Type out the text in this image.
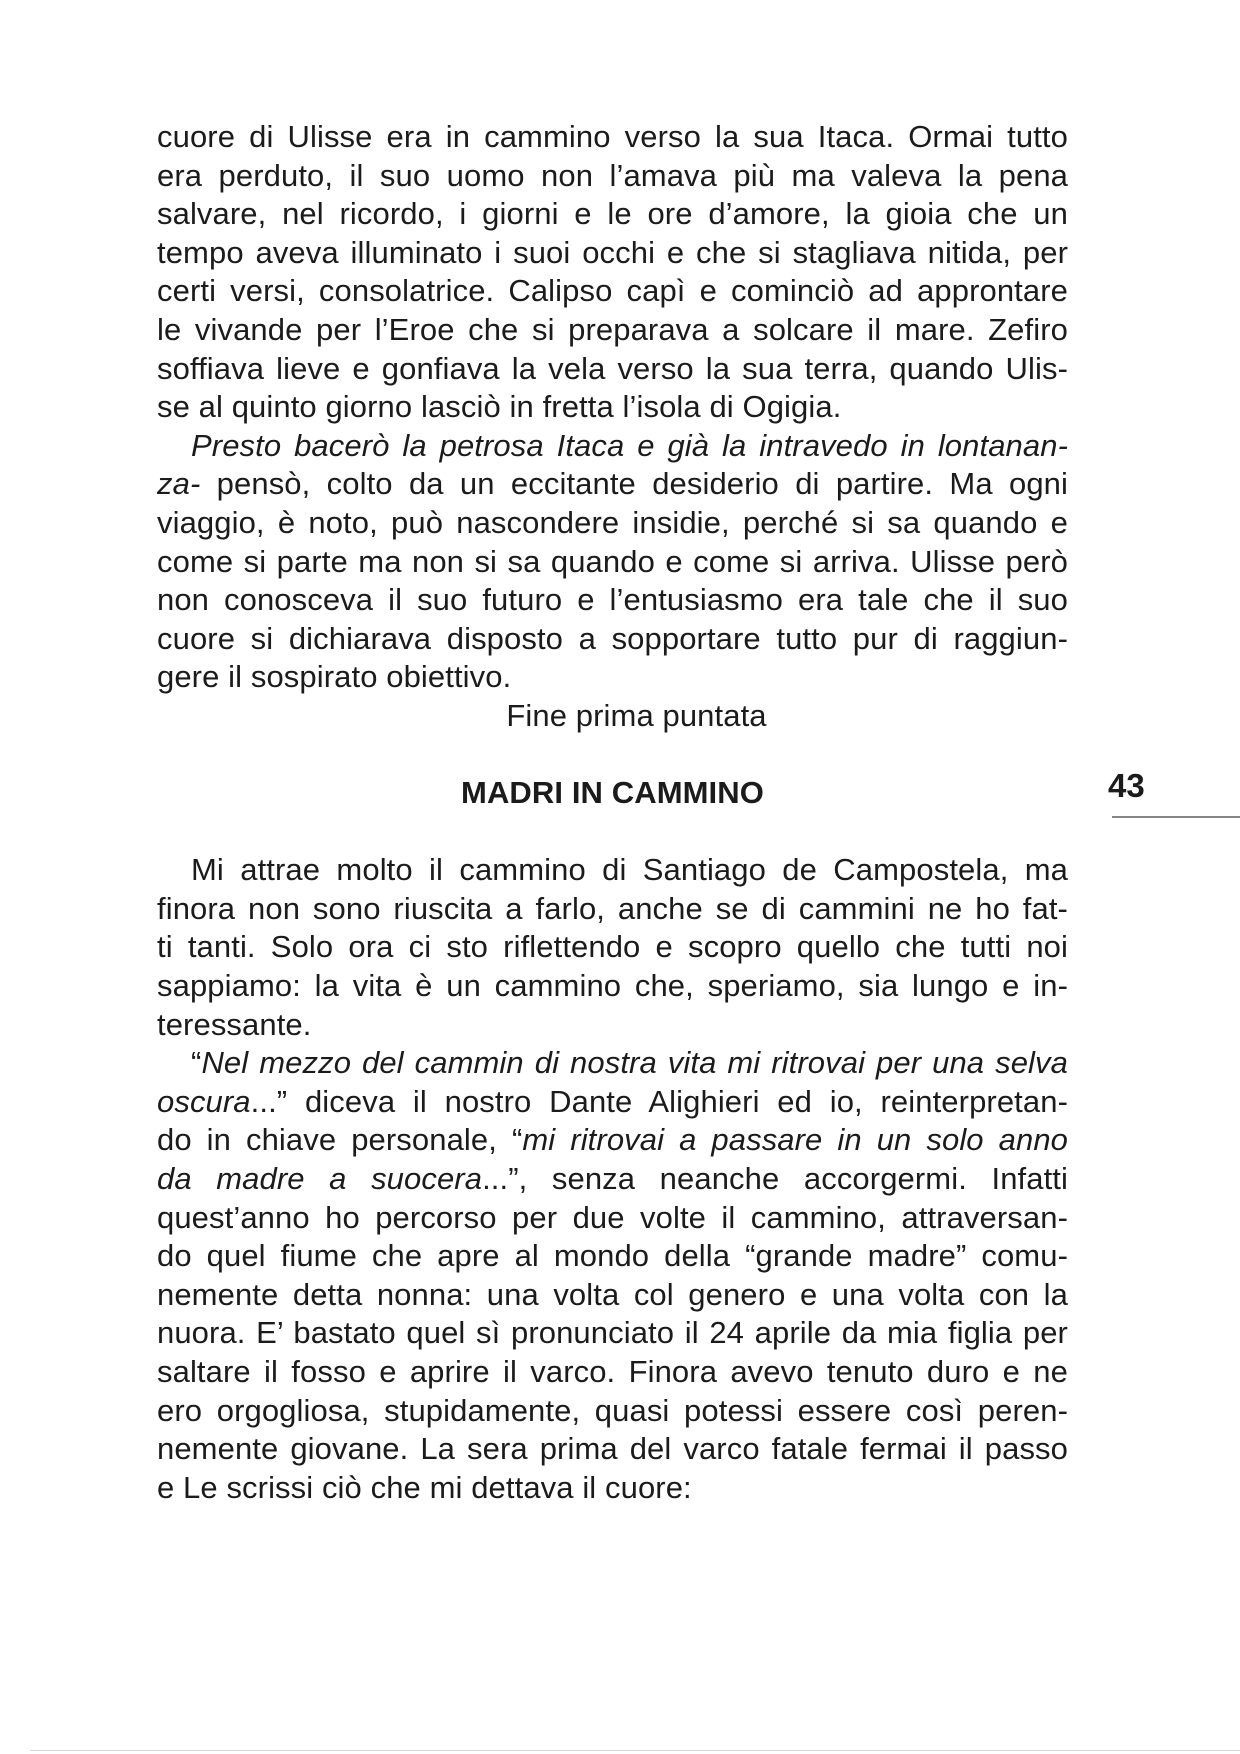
cuore di Ulisse era in cammino verso la sua Itaca. Ormai tutto
era perduto, il suo uomo non l’amava più ma valeva la pena
salvare, nel ricordo, i giorni e le ore d’amore, la gioia che un
tempo aveva illuminato i suoi occhi e che si stagliava nitida, per
certi versi, consolatrice. Calipso capì e cominciò ad approntare
le vivande per l’Eroe che si preparava a solcare il mare. Zefiro
soffiava lieve e gonfiava la vela verso la sua terra, quando Ulis-
se al quinto giorno lasciò in fretta l’isola di Ogigia.
Presto bacerò la petrosa Itaca e già la intravedo in lontanan-
za- pensò, colto da un eccitante desiderio di partire. Ma ogni
viaggio, è noto, può nascondere insidie, perché si sa quando e
come si parte ma non si sa quando e come si arriva. Ulisse però
non conosceva il suo futuro e l’entusiasmo era tale che il suo
cuore si dichiarava disposto a sopportare tutto pur di raggiun-
gere il sospirato obiettivo.
Fine prima puntata
MADRI IN CAMMINO
Mi attrae molto il cammino di Santiago de Campostela, ma
finora non sono riuscita a farlo, anche se di cammini ne ho fat-
ti tanti. Solo ora ci sto riflettendo e scopro quello che tutti noi
sappiamo: la vita è un cammino che, speriamo, sia lungo e in-
teressante.
“Nel mezzo del cammin di nostra vita mi ritrovai per una selva
oscura...” diceva il nostro Dante Alighieri ed io, reinterpretan-
do in chiave personale, “mi ritrovai a passare in un solo anno
da madre a suocera...”, senza neanche accorgermi. Infatti
quest’anno ho percorso per due volte il cammino, attraversan-
do quel fiume che apre al mondo della “grande madre” comu-
nemente detta nonna: una volta col genero e una volta con la
nuora. E’ bastato quel sì pronunciato il 24 aprile da mia figlia per
saltare il fosso e aprire il varco. Finora avevo tenuto duro e ne
ero orgogliosa, stupidamente, quasi potessi essere così peren-
nemente giovane. La sera prima del varco fatale fermai il passo
e Le scrissi ciò che mi dettava il cuore:
43
